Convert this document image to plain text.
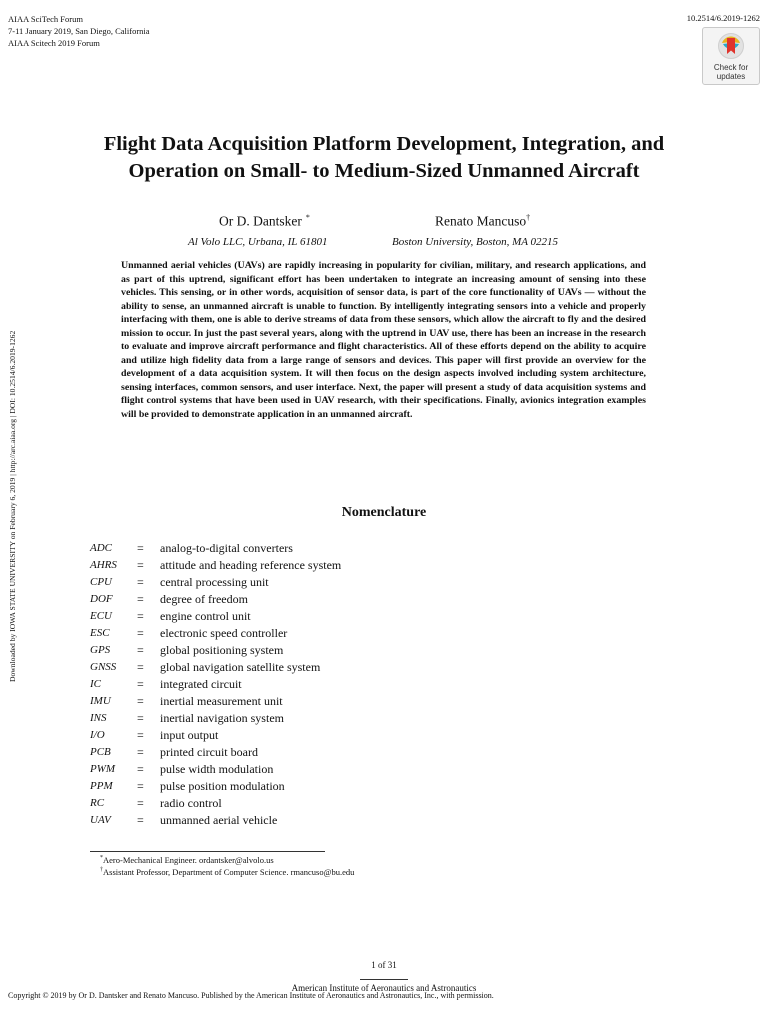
AIAA SciTech Forum
7-11 January 2019, San Diego, California
AIAA Scitech 2019 Forum
10.2514/6.2019-1262
Check for updates
Downloaded by IOWA STATE UNIVERSITY on February 6, 2019 | http://arc.aiaa.org | DOI: 10.2514/6.2019-1262
Flight Data Acquisition Platform Development, Integration, and Operation on Small- to Medium-Sized Unmanned Aircraft
Or D. Dantsker *	Renato Mancuso†
Al Volo LLC, Urbana, IL 61801	Boston University, Boston, MA 02215
Unmanned aerial vehicles (UAVs) are rapidly increasing in popularity for civilian, military, and research applications, and as part of this uptrend, significant effort has been undertaken to integrate an increasing amount of sensing into these vehicles. This sensing, or in other words, acquisition of sensor data, is part of the core functionality of UAVs — without the ability to sense, an unmanned aircraft is unable to function. By intelligently integrating sensors into a vehicle and properly interfacing with them, one is able to derive streams of data from these sensors, which allow the aircraft to fly and the desired mission to occur. In just the past several years, along with the uptrend in UAV use, there has been an increase in the research to evaluate and improve aircraft performance and flight characteristics. All of these efforts depend on the ability to acquire and utilize high fidelity data from a large range of sensors and devices. This paper will first provide an overview for the development of a data acquisition system. It will then focus on the design aspects involved including system architecture, sensing interfaces, common sensors, and user interface. Next, the paper will present a study of data acquisition systems and flight control systems that have been used in UAV research, with their specifications. Finally, avionics integration examples will be provided to demonstrate application in an unmanned aircraft.
Nomenclature
ADC = analog-to-digital converters
AHRS = attitude and heading reference system
CPU = central processing unit
DOF = degree of freedom
ECU = engine control unit
ESC = electronic speed controller
GPS = global positioning system
GNSS = global navigation satellite system
IC	= integrated circuit
IMU = inertial measurement unit
INS	= inertial navigation system
I/O	= input output
PCB = printed circuit board
PWM = pulse width modulation
PPM = pulse position modulation
RC	= radio control
UAV = unmanned aerial vehicle
*Aero-Mechanical Engineer. ordantsker@alvolo.us
†Assistant Professor, Department of Computer Science. rmancuso@bu.edu
1 of 31
American Institute of Aeronautics and Astronautics
Copyright © 2019 by Or D. Dantsker and Renato Mancuso. Published by the American Institute of Aeronautics and Astronautics, Inc., with permission.
